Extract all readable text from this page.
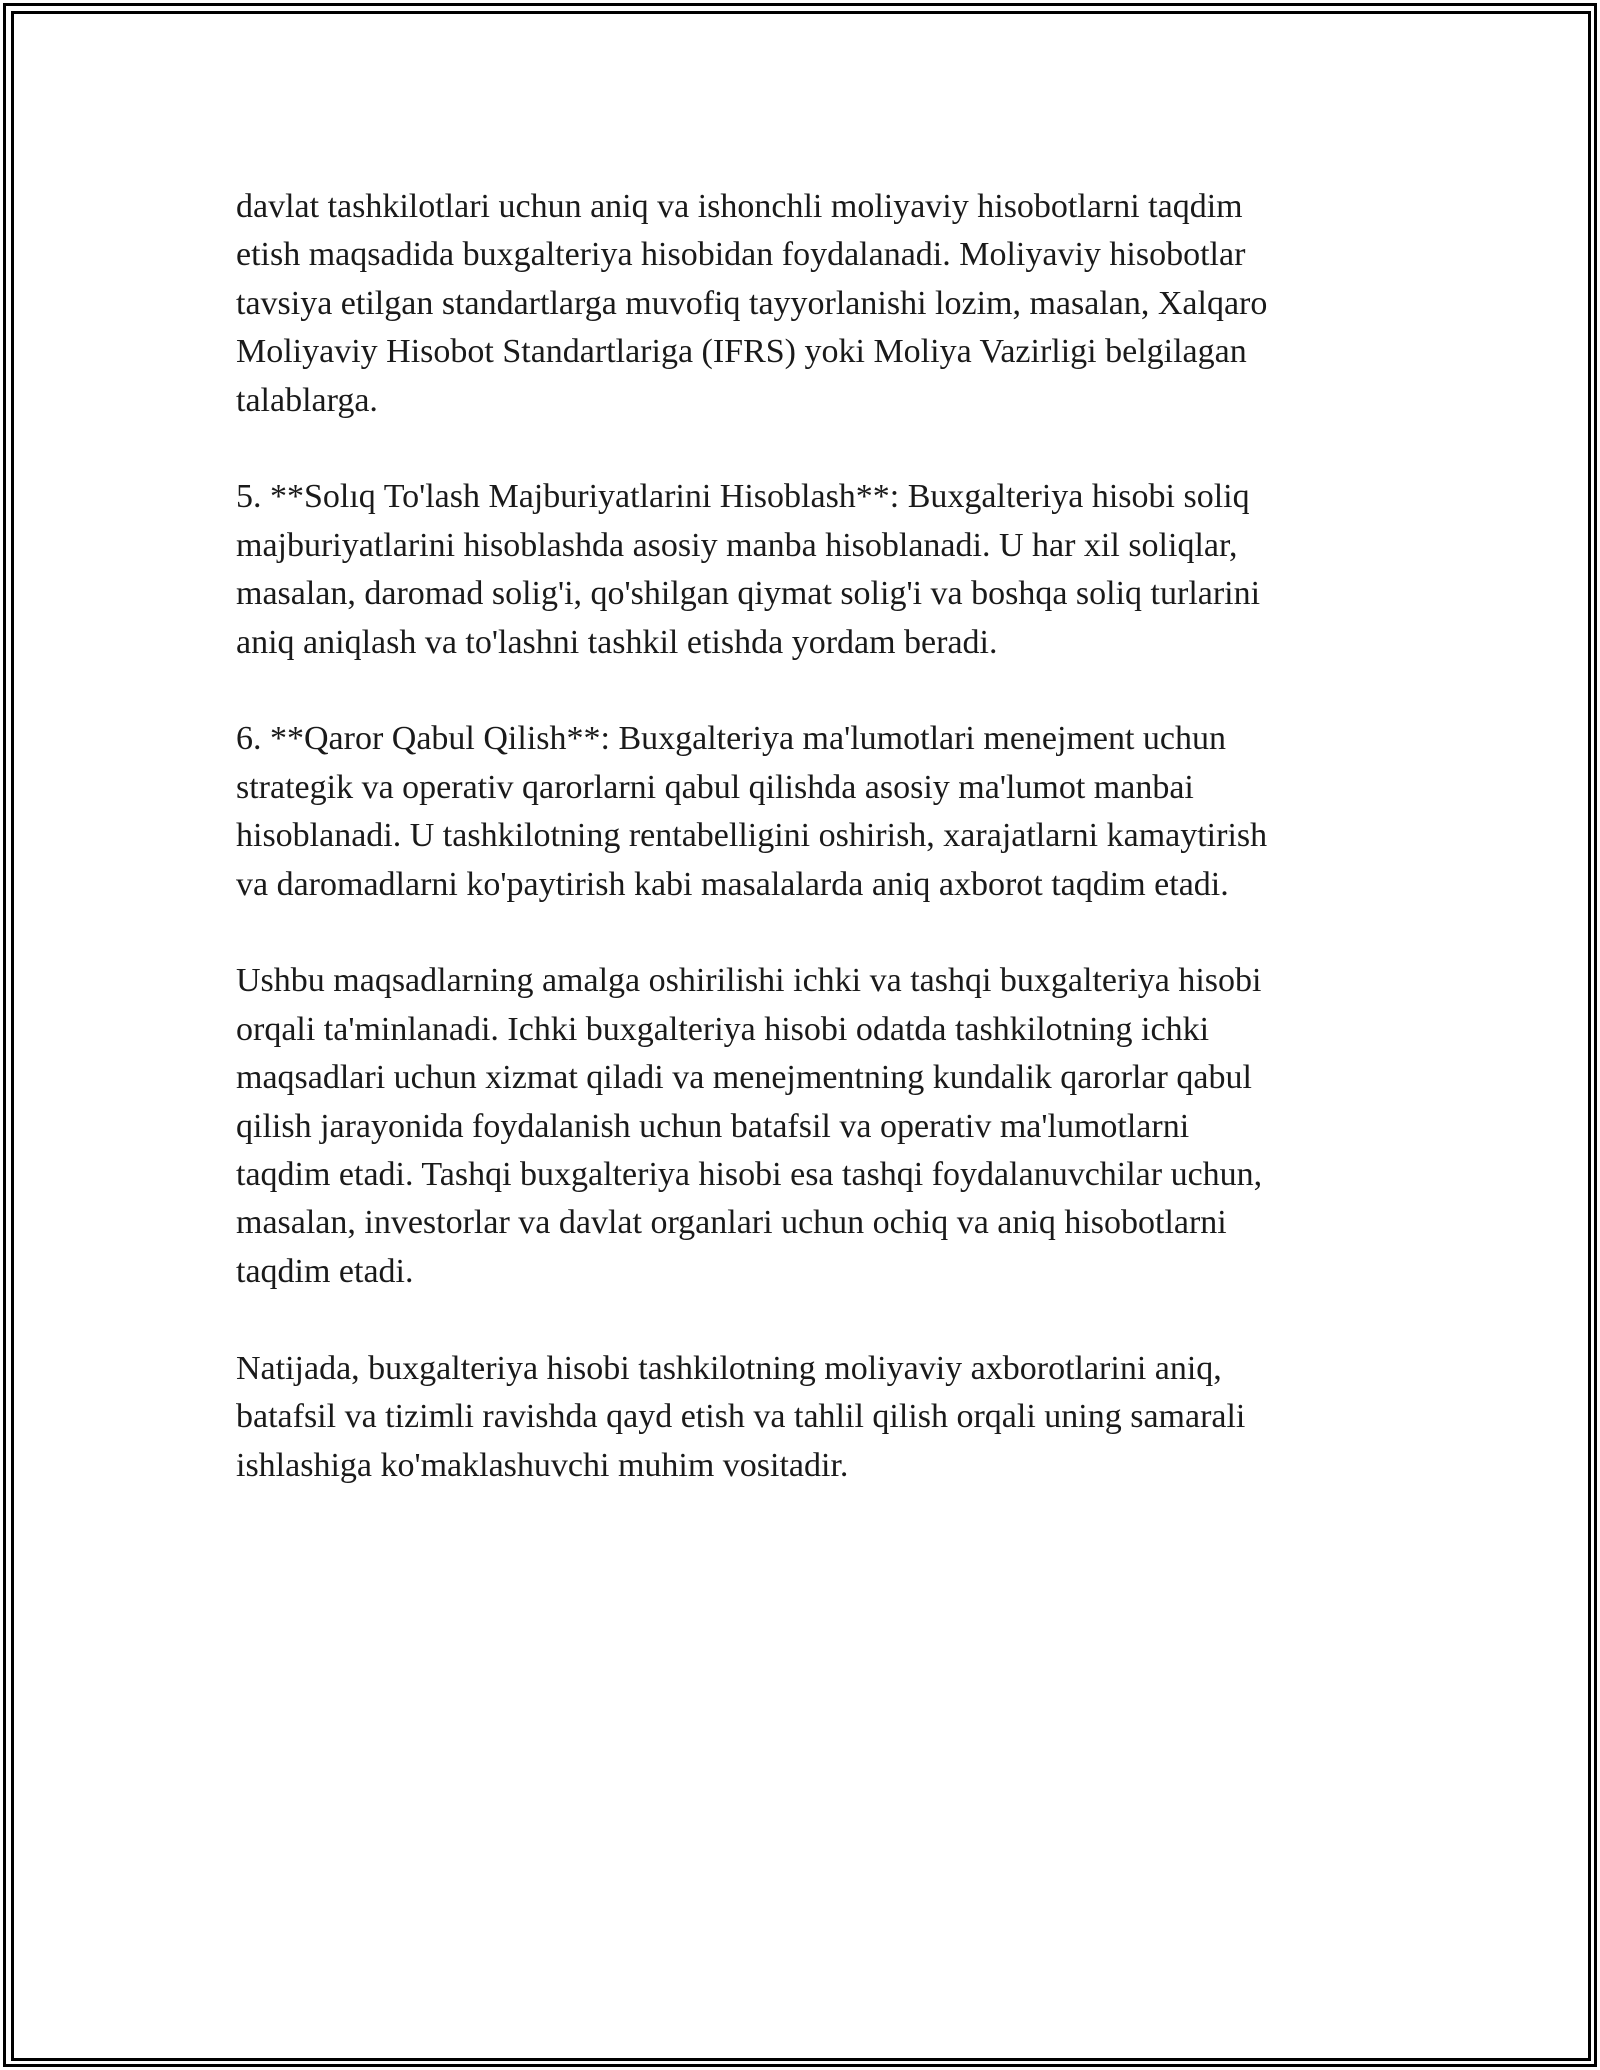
davlat tashkilotlari uchun aniq va ishonchli moliyaviy hisobotlarni taqdim
etish maqsadida buxgalteriya hisobidan foydalanadi. Moliyaviy hisobotlar
tavsiya etilgan standartlarga muvofiq tayyorlanishi lozim, masalan, Xalqaro
Moliyaviy Hisobot Standartlariga (IFRS) yoki Moliya Vazirligi belgilagan
talablarga.

5. **Solıq To'lash Majburiyatlarini Hisoblash**: Buxgalteriya hisobi soliq
majburiyatlarini hisoblashda asosiy manba hisoblanadi. U har xil soliqlar,
masalan, daromad solig'i, qo'shilgan qiymat solig'i va boshqa soliq turlarini
aniq aniqlash va to'lashni tashkil etishda yordam beradi.

6. **Qaror Qabul Qilish**: Buxgalteriya ma'lumotlari menejment uchun
strategik va operativ qarorlarni qabul qilishda asosiy ma'lumot manbai
hisoblanadi. U tashkilotning rentabelligini oshirish, xarajatlarni kamaytirish
va daromadlarni ko'paytirish kabi masalalarda aniq axborot taqdim etadi.

Ushbu maqsadlarning amalga oshirilishi ichki va tashqi buxgalteriya hisobi
orqali ta'minlanadi. Ichki buxgalteriya hisobi odatda tashkilotning ichki
maqsadlari uchun xizmat qiladi va menejmentning kundalik qarorlar qabul
qilish jarayonida foydalanish uchun batafsil va operativ ma'lumotlarni
taqdim etadi. Tashqi buxgalteriya hisobi esa tashqi foydalanuvchilar uchun,
masalan, investorlar va davlat organlari uchun ochiq va aniq hisobotlarni
taqdim etadi.

Natijada, buxgalteriya hisobi tashkilotning moliyaviy axborotlarini aniq,
batafsil va tizimli ravishda qayd etish va tahlil qilish orqali uning samarali
ishlashiga ko'maklashuvchi muhim vositadir.
